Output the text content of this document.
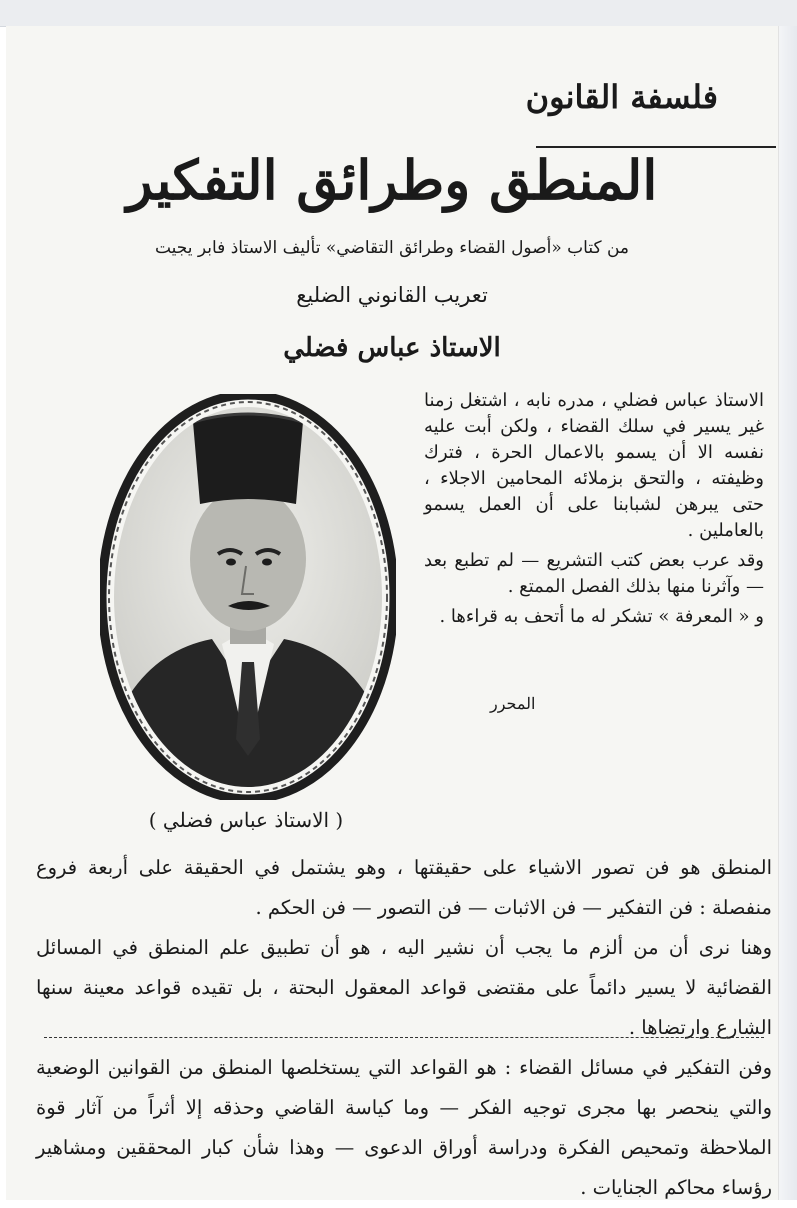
فلسفة القانون
المنطق وطرائق التفكير
من كتاب «أصول القضاء وطرائق التقاضي» تأليف الاستاذ فابر يجيت
تعريب القانوني الضليع
الاستاذ عباس فضلي
( الاستاذ عباس فضلي )

الاستاذ عباس فضلي ، مدره نابه ، اشتغل زمنا غير يسير في سلك القضاء ، ولكن أبت عليه نفسه الا أن يسمو بالاعمال الحرة ، فترك وظيفته ، والتحق بزملائه المحامين الاجلاء ، حتى يبرهن لشبابنا على أن العمل يسمو بالعاملين .

وقد عرب بعض كتب التشريع — لم تطبع بعد — وآثرنا منها بذلك الفصل الممتع .

و « المعرفة » تشكر له ما أتحف به قراءها .

المحرر

المنطق هو فن تصور الاشياء على حقيقتها ، وهو يشتمل في الحقيقة على أربعة فروع منفصلة : فن التفكير — فن الاثبات — فن التصور — فن الحكم .

وهنا نرى أن من ألزم ما يجب أن نشير اليه ، هو أن تطبيق علم المنطق في المسائل القضائية لا يسير دائماً على مقتضى قواعد المعقول البحتة ، بل تقيده قواعد معينة سنها الشارع وارتضاها .

وفن التفكير في مسائل القضاء : هو القواعد التي يستخلصها المنطق من القوانين الوضعية والتي ينحصر بها مجرى توجيه الفكر — وما كياسة القاضي وحذقه إلا أثراً من آثار قوة الملاحظة وتمحيص الفكرة ودراسة أوراق الدعوى — وهذا شأن كبار المحققين ومشاهير رؤساء محاكم الجنايات .
